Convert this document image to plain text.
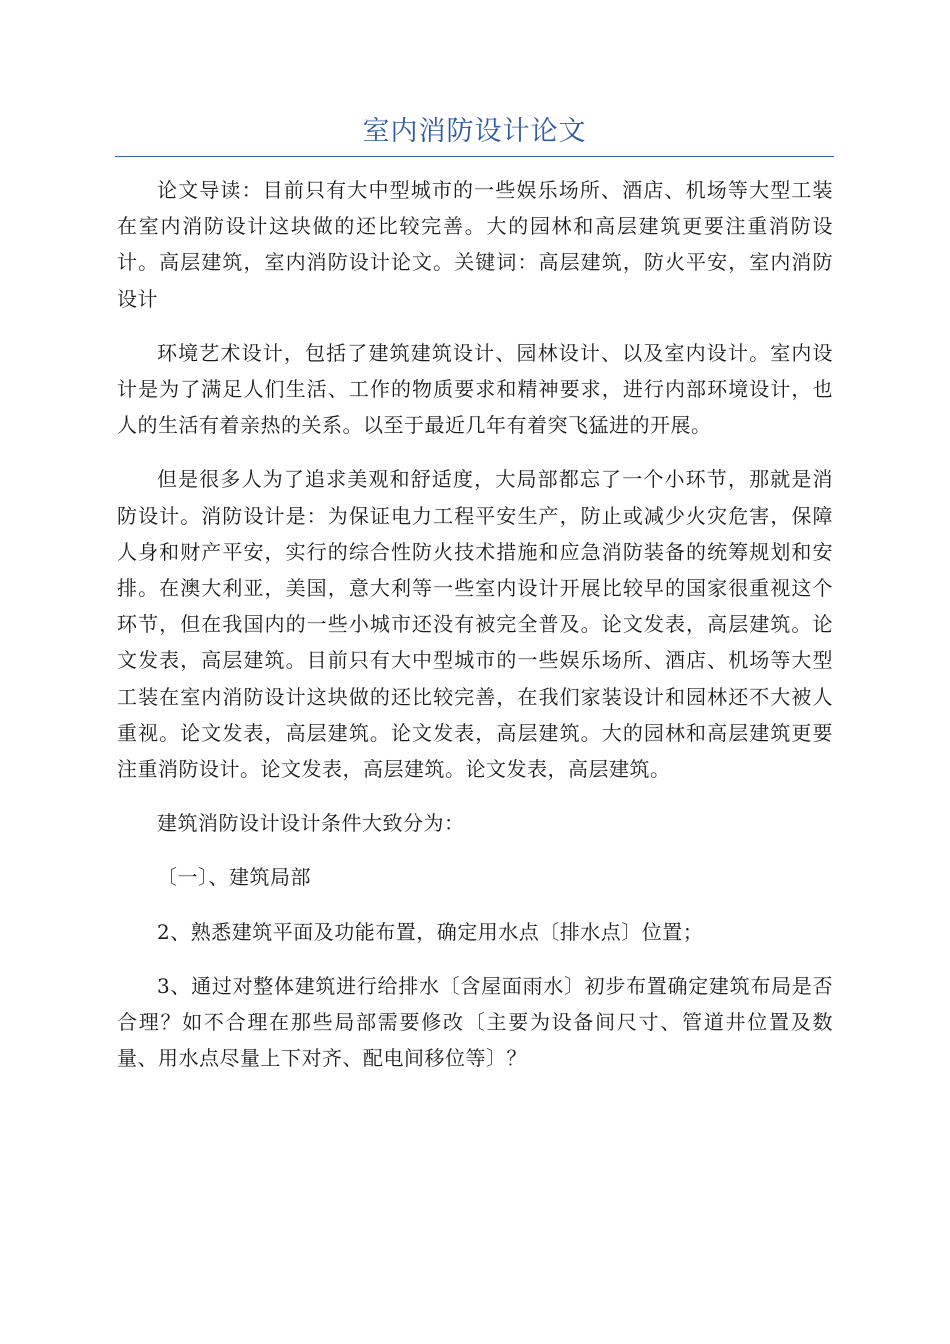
室内消防设计论文

论文导读：目前只有大中型城市的一些娱乐场所、酒店、机场等大型工装在室内消防设计这块做的还比较完善。大的园林和高层建筑更要注重消防设计。高层建筑，室内消防设计论文。关键词：高层建筑，防火平安，室内消防设计

环境艺术设计，包括了建筑建筑设计、园林设计、以及室内设计。室内设计是为了满足人们生活、工作的物质要求和精神要求，进行内部环境设计，也人的生活有着亲热的关系。以至于最近几年有着突飞猛进的开展。

但是很多人为了追求美观和舒适度，大局部都忘了一个小环节，那就是消防设计。消防设计是：为保证电力工程平安生产，防止或减少火灾危害，保障人身和财产平安，实行的综合性防火技术措施和应急消防装备的统筹规划和安排。在澳大利亚，美国，意大利等一些室内设计开展比较早的国家很重视这个环节，但在我国内的一些小城市还没有被完全普及。论文发表，高层建筑。论文发表，高层建筑。目前只有大中型城市的一些娱乐场所、酒店、机场等大型工装在室内消防设计这块做的还比较完善，在我们家装设计和园林还不大被人重视。论文发表，高层建筑。论文发表，高层建筑。大的园林和高层建筑更要注重消防设计。论文发表，高层建筑。论文发表，高层建筑。

建筑消防设计设计条件大致分为：

〔一〕、建筑局部

2、熟悉建筑平面及功能布置，确定用水点〔排水点〕位置；

3、通过对整体建筑进行给排水〔含屋面雨水〕初步布置确定建筑布局是否合理？如不合理在那些局部需要修改〔主要为设备间尺寸、管道井位置及数量、用水点尽量上下对齐、配电间移位等〕？
